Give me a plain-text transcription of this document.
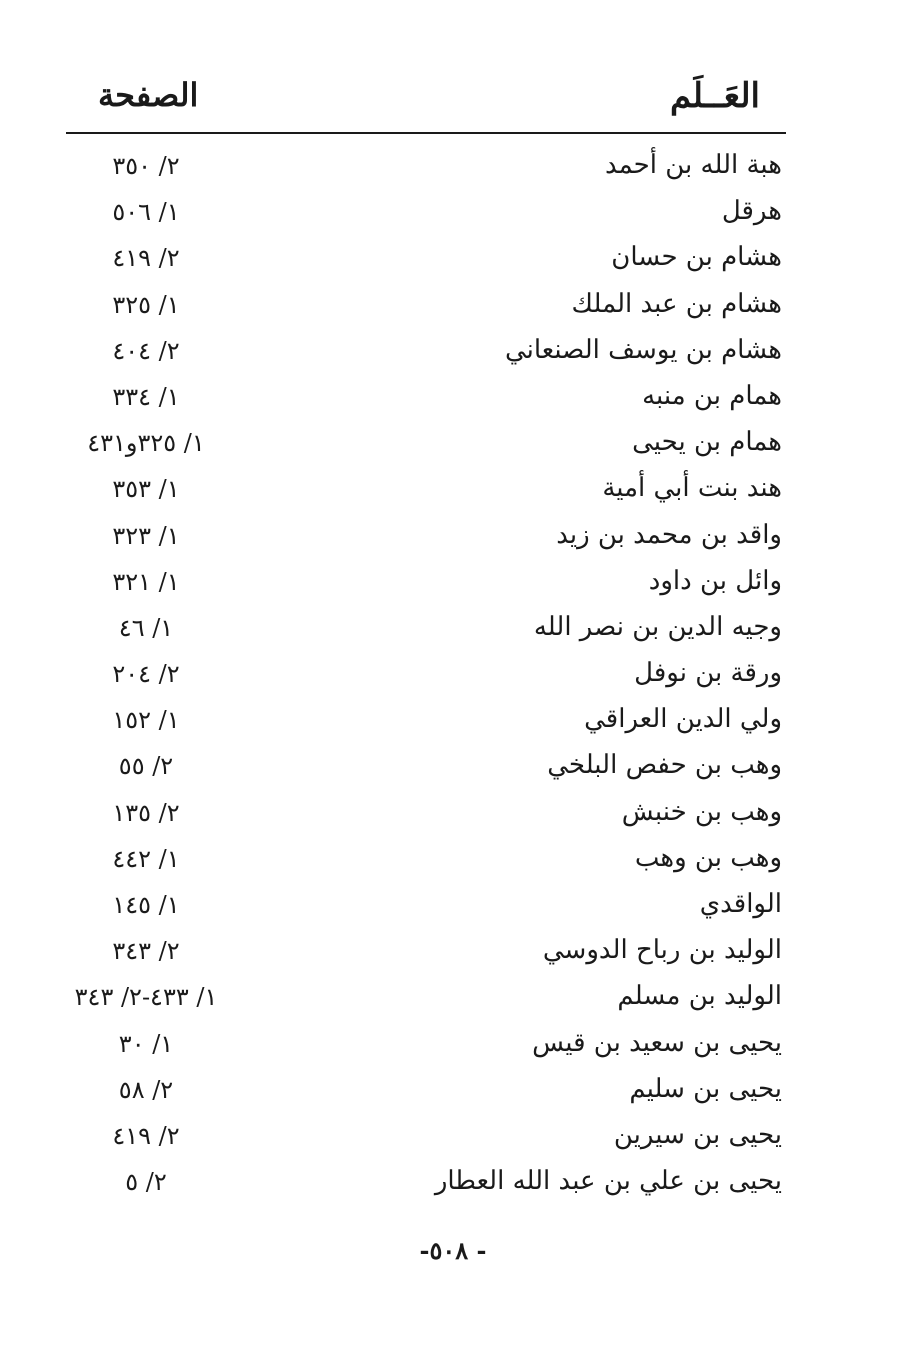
العَــلَم
الصفحة
هبة الله بن أحمد
٢/ ٣٥٠
هرقل
١/ ٥٠٦
هشام بن حسان
٢/ ٤١٩
هشام بن عبد الملك
١/ ٣٢٥
هشام بن يوسف الصنعاني
٢/ ٤٠٤
همام بن منبه
١/ ٣٣٤
همام بن يحيى
١/ ٣٢٥و٤٣١
هند بنت أبي أمية
١/ ٣٥٣
واقد بن محمد بن زيد
١/ ٣٢٣
وائل بن داود
١/ ٣٢١
وجيه الدين بن نصر الله
١/ ٤٦
ورقة بن نوفل
٢/ ٢٠٤
ولي الدين العراقي
١/ ١٥٢
وهب بن حفص البلخي
٢/ ٥٥
وهب بن خنبش
٢/ ١٣٥
وهب بن وهب
١/ ٤٤٢
الواقدي
١/ ١٤٥
الوليد بن رباح الدوسي
٢/ ٣٤٣
الوليد بن مسلم
١/ ٤٣٣-٢/ ٣٤٣
يحيى بن سعيد بن قيس
١/ ٣٠
يحيى بن سليم
٢/ ٥٨
يحيى بن سيرين
٢/ ٤١٩
يحيى بن علي بن عبد الله العطار
٢/ ٥
- ٥٠٨-
